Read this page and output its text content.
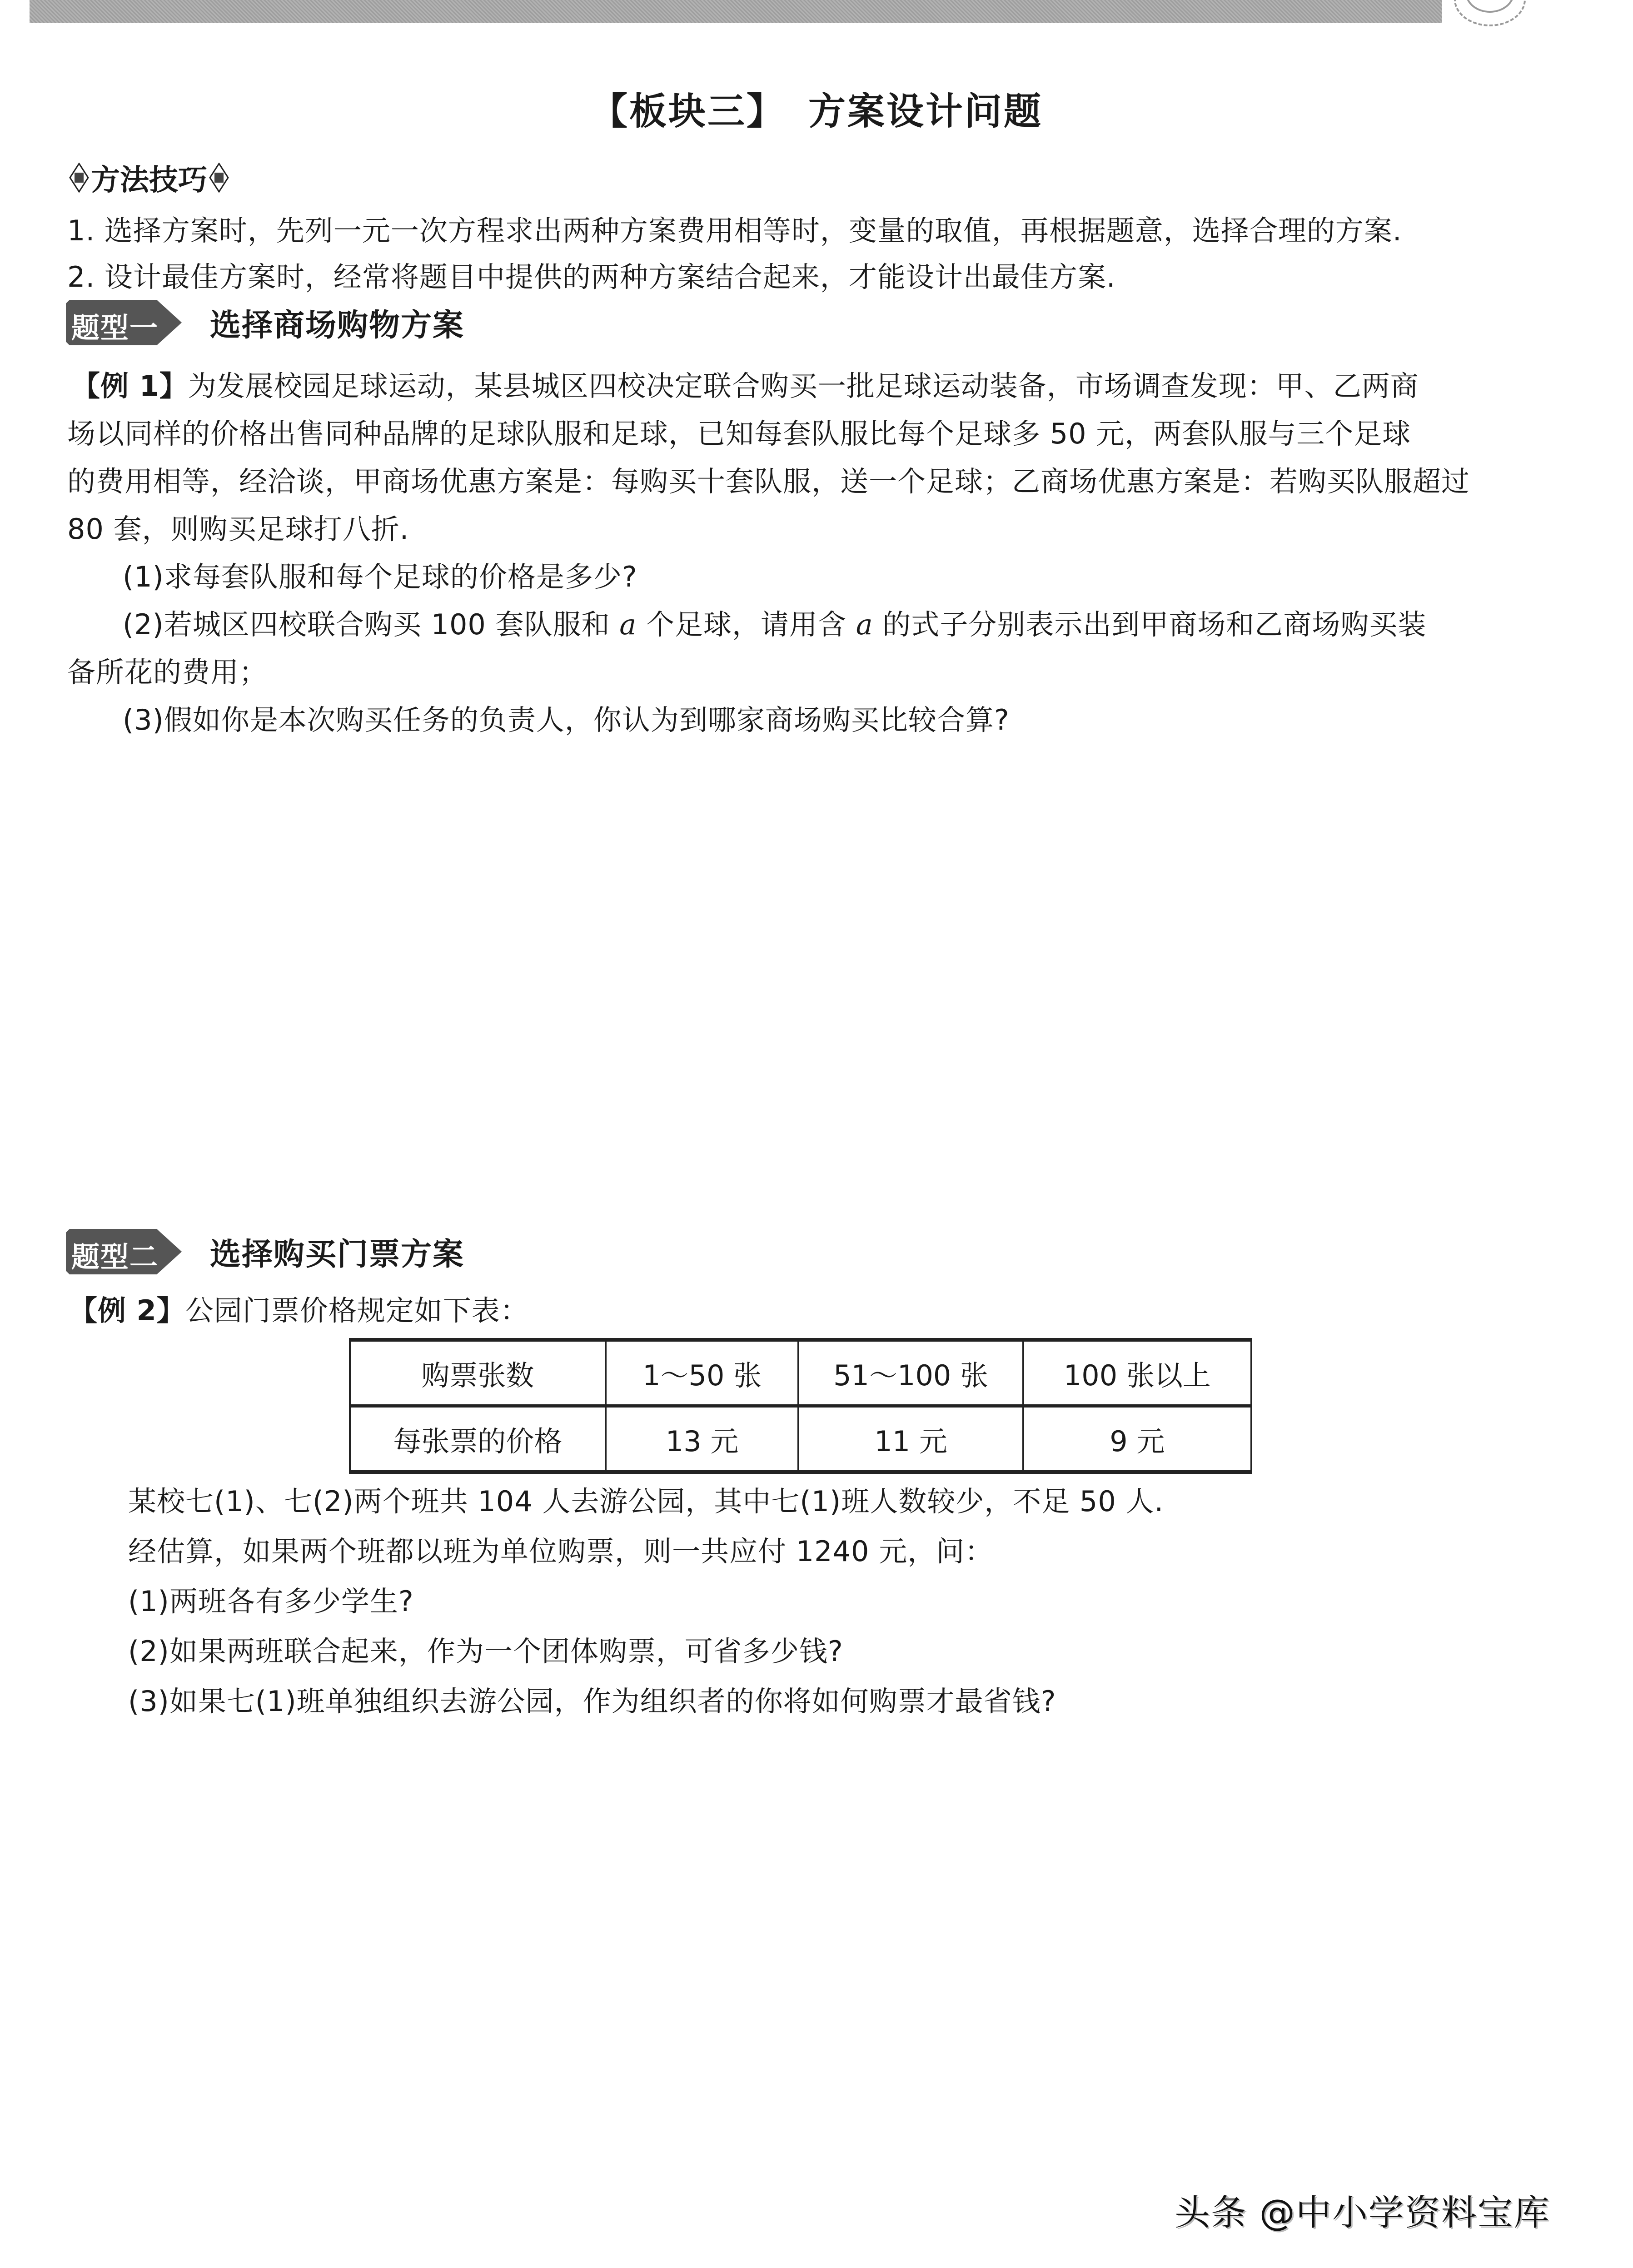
【板块三】 方案设计问题
方法技巧
1. 选择方案时，先列一元一次方程求出两种方案费用相等时，变量的取值，再根据题意，选择合理的方案.
2. 设计最佳方案时，经常将题目中提供的两种方案结合起来，才能设计出最佳方案.
题型一 选择商场购物方案
【例 1】为发展校园足球运动，某县城区四校决定联合购买一批足球运动装备，市场调查发现：甲、乙两商
场以同样的价格出售同种品牌的足球队服和足球，已知每套队服比每个足球多 50 元，两套队服与三个足球
的费用相等，经洽谈，甲商场优惠方案是：每购买十套队服，送一个足球；乙商场优惠方案是：若购买队服超过
80 套，则购买足球打八折.
(1)求每套队服和每个足球的价格是多少?
(2)若城区四校联合购买 100 套队服和 a 个足球，请用含 a 的式子分别表示出到甲商场和乙商场购买装
备所花的费用；
(3)假如你是本次购买任务的负责人，你认为到哪家商场购买比较合算?
题型二 选择购买门票方案
【例 2】公园门票价格规定如下表：
购票张数	1～50 张	51～100 张	100 张以上
每张票的价格	13 元	11 元	9 元
某校七(1)、七(2)两个班共 104 人去游公园，其中七(1)班人数较少，不足 50 人.
经估算，如果两个班都以班为单位购票，则一共应付 1240 元，问：
(1)两班各有多少学生?
(2)如果两班联合起来，作为一个团体购票，可省多少钱?
(3)如果七(1)班单独组织去游公园，作为组织者的你将如何购票才最省钱?
头条 @中小学资料宝库
